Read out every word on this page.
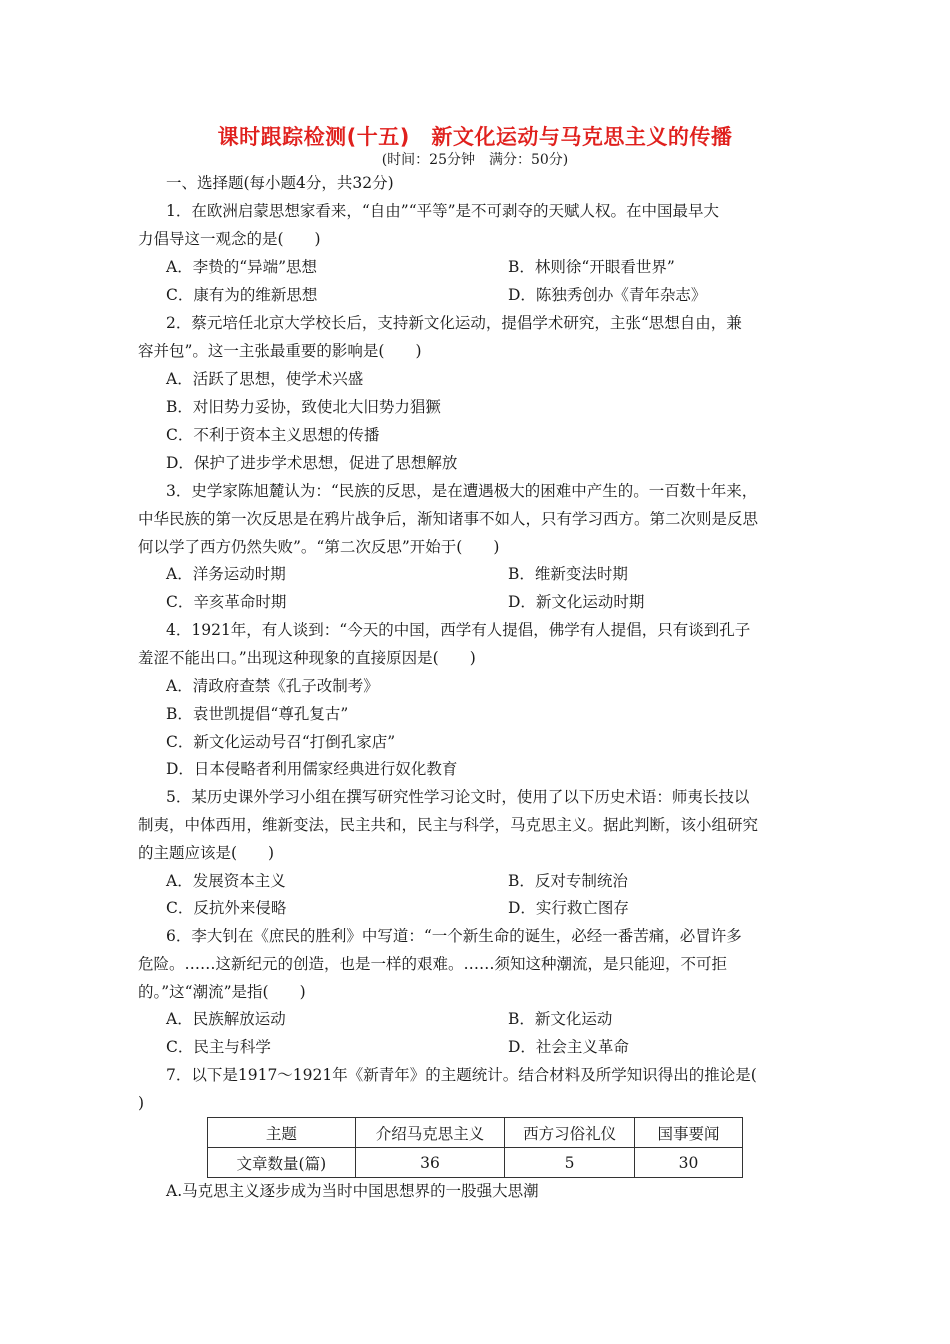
课时跟踪检测(十五)　新文化运动与马克思主义的传播
(时间：25分钟　满分：50分)
一、选择题(每小题4分，共32分)
1．在欧洲启蒙思想家看来，“自由”“平等”是不可剥夺的天赋人权。在中国最早大
力倡导这一观念的是(　　)
A．李贽的“异端”思想	B．林则徐“开眼看世界”
C．康有为的维新思想	D．陈独秀创办《青年杂志》
2．蔡元培任北京大学校长后，支持新文化运动，提倡学术研究，主张“思想自由，兼
容并包”。这一主张最重要的影响是(　　)
A．活跃了思想，使学术兴盛
B．对旧势力妥协，致使北大旧势力猖獗
C．不利于资本主义思想的传播
D．保护了进步学术思想，促进了思想解放
3．史学家陈旭麓认为：“民族的反思，是在遭遇极大的困难中产生的。一百数十年来，
中华民族的第一次反思是在鸦片战争后，渐知诸事不如人，只有学习西方。第二次则是反思
何以学了西方仍然失败”。“第二次反思”开始于(　　)
A．洋务运动时期	B．维新变法时期
C．辛亥革命时期	D．新文化运动时期
4．1921年，有人谈到：“今天的中国，西学有人提倡，佛学有人提倡，只有谈到孔子
羞涩不能出口。”出现这种现象的直接原因是(　　)
A．清政府查禁《孔子改制考》
B．袁世凯提倡“尊孔复古”
C．新文化运动号召“打倒孔家店”
D．日本侵略者利用儒家经典进行奴化教育
5．某历史课外学习小组在撰写研究性学习论文时，使用了以下历史术语：师夷长技以
制夷，中体西用，维新变法，民主共和，民主与科学，马克思主义。据此判断，该小组研究
的主题应该是(　　)
A．发展资本主义	B．反对专制统治
C．反抗外来侵略	D．实行救亡图存
6．李大钊在《庶民的胜利》中写道：“一个新生命的诞生，必经一番苦痛，必冒许多
危险。……这新纪元的创造，也是一样的艰难。……须知这种潮流，是只能迎，不可拒
的。”这“潮流”是指(　　)
A．民族解放运动	B．新文化运动
C．民主与科学	D．社会主义革命
7．以下是1917～1921年《新青年》的主题统计。结合材料及所学知识得出的推论是(
)
主题	介绍马克思主义	西方习俗礼仪	国事要闻
文章数量(篇)	36	5	30
A.马克思主义逐步成为当时中国思想界的一股强大思潮
